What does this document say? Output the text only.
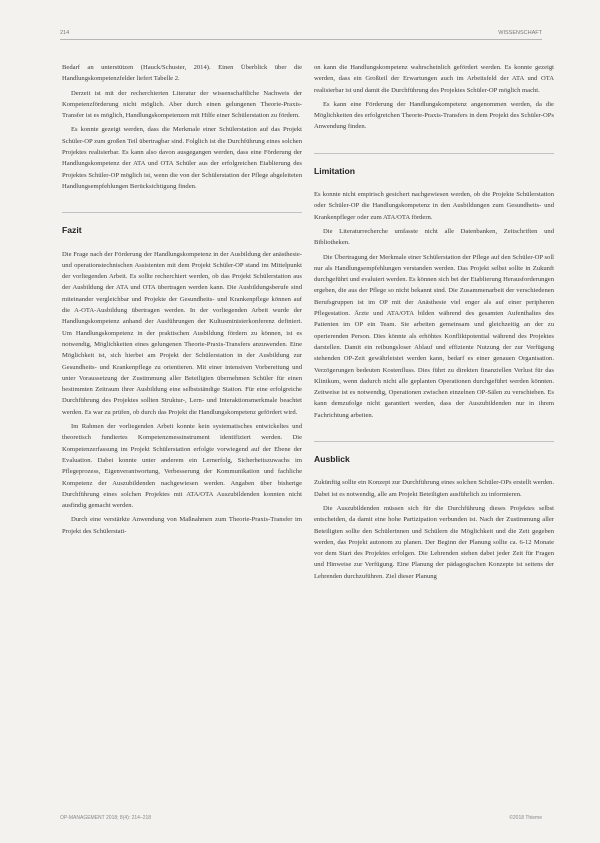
214	WISSENSCHAFT

Bedarf an unterstützen (Hauck/Schuster, 2014). Einen Überblick über die Handlungskompetenzfelder liefert Tabelle 2.

Derzeit ist mit der recherchierten Literatur der wissenschaftliche Nachweis der Kompetenzförderung nicht möglich. Aber durch einen gelungenen Theorie-Praxis-Transfer ist es möglich, Handlungskompetenzen mit Hilfe einer Schülerstation zu fördern.

Es konnte gezeigt werden, dass die Merkmale einer Schülerstation auf das Projekt Schüler-OP zum großen Teil übertragbar sind. Folglich ist die Durchführung eines solchen Projektes realisierbar. Es kann also davon ausgegangen werden, dass eine Förderung der Handlungskompetenz der ATA und OTA Schüler aus der erfolgreichen Etablierung des Projektes Schüler-OP möglich ist, wenn die von der Schülerstation der Pflege abgeleiteten Handlungsempfehlungen Berücksichtigung finden.

Fazit

Die Frage nach der Förderung der Handlungskompetenz in der Ausbildung der anästhesie- und operationstechnischen Assistenten mit dem Projekt Schüler-OP stand im Mittelpunkt der vorliegenden Arbeit. Es sollte recherchiert werden, ob das Projekt Schülerstation aus der Ausbildung der ATA und OTA übertragen werden kann. Die Ausbildungsberufe sind miteinander vergleichbar und Projekte der Gesundheits- und Krankenpflege können auf die A-OTA-Ausbildung übertragen werden. In der vorliegenden Arbeit wurde der Handlungskompetenz anhand der Ausführungen der Kultusministerkonferenz definiert. Um Handlungskompetenz in der praktischen Ausbildung fördern zu können, ist es notwendig, Möglichkeiten eines gelungenen Theorie-Praxis-Transfers anzuwenden. Eine Möglichkeit ist, sich hierbei am Projekt der Schülerstation in der Ausbildung zur Gesundheits- und Krankenpflege zu orientieren. Mit einer intensiven Vorbereitung und unter Voraussetzung der Zustimmung aller Beteiligten übernehmen Schüler für einen bestimmten Zeitraum ihrer Ausbildung eine selbstständige Station. Für eine erfolgreiche Durchführung des Projektes sollten Struktur-, Lern- und Interaktionsmerkmale beachtet werden. Es war zu prüfen, ob durch das Projekt die Handlungskompetenz gefördert wird.

Im Rahmen der vorliegenden Arbeit konnte kein systematisches entwickeltes und theoretisch fundiertes Kompetenzmessinstrument identifiziert werden. Die Kompetenzerfassung im Projekt Schülerstation erfolgte vorwiegend auf der Ebene der Evaluation. Dabei konnte unter anderem ein Lernerfolg, Sicherheitszuwachs im Pflegeprozess, Eigenverantwortung, Verbesserung der Kommunikation und fachliche Kompetenz der Auszubildenden nachgewiesen werden. Angaben über bisherige Durchführung eines solchen Projektes mit ATA/OTA Auszubildenden konnten nicht ausfindig gemacht werden.

Durch eine verstärkte Anwendung von Maßnahmen zum Theorie-Praxis-Transfer im Projekt des Schülerstati-

on kann die Handlungskompetenz wahrscheinlich gefördert werden. Es konnte gezeigt werden, dass ein Großteil der Erwartungen auch im Arbeitsfeld der ATA und OTA realisierbar ist und damit die Durchführung des Projektes Schüler-OP möglich macht.

Es kann eine Förderung der Handlungskompetenz angenommen werden, da die Möglichkeiten des erfolgreichen Theorie-Praxis-Transfers in dem Projekt des Schüler-OPs Anwendung finden.

Limitation

Es konnte nicht empirisch gesichert nachgewiesen werden, ob die Projekte Schülerstation oder Schüler-OP die Handlungskompetenz in den Ausbildungen zum Gesundheits- und Krankenpfleger oder zum ATA/OTA fördern.

Die Literaturrecherche umfasste nicht alle Datenbanken, Zeitschriften und Bibliotheken.

Die Übertragung der Merkmale einer Schülerstation der Pflege auf den Schüler-OP soll nur als Handlungsempfehlungen verstanden werden. Das Projekt selbst sollte in Zukunft durchgeführt und evaluiert werden. Es können sich bei der Etablierung Herausforderungen ergeben, die aus der Pflege so nicht bekannt sind. Die Zusammenarbeit der verschiedenen Berufsgruppen ist im OP mit der Anästhesie viel enger als auf einer peripheren Pflegestation. Ärzte und ATA/OTA bilden während des gesamten Aufenthaltes des Patienten im OP ein Team. Sie arbeiten gemeinsam und gleichzeitig an der zu operierenden Person. Dies könnte als erhöhtes Konfliktpotential während des Projektes darstellen. Damit ein reibungsloser Ablauf und effiziente Nutzung der zur Verfügung stehenden OP-Zeit gewährleistet werden kann, bedarf es einer genauen Organisation. Verzögerungen bedeuten Kostenfluss. Dies führt zu direkten finanziellen Verlust für das Klinikum, wenn dadurch nicht alle geplanten Operationen durchgeführt werden könnten. Zeitweise ist es notwendig, Operationen zwischen einzelnen OP-Sälen zu verschieben. Es kann demzufolge nicht garantiert werden, dass der Auszubildenden nur in ihrem Fachrichtung arbeiten.

Ausblick

Zukünftig sollte ein Konzept zur Durchführung eines solchen Schüler-OPs erstellt werden. Dabei ist es notwendig, alle am Projekt Beteiligten ausführlich zu informieren.

Die Auszubildenden müssen sich für die Durchführung dieses Projektes selbst entscheiden, da damit eine hohe Partizipation verbunden ist. Nach der Zustimmung aller Beteiligten sollte den Schülerinnen und Schülern die Möglichkeit und die Zeit gegeben werden, das Projekt autonom zu planen. Der Beginn der Planung sollte ca. 6-12 Monate vor dem Start des Projektes erfolgen. Die Lehrenden stehen dabei jeder Zeit für Fragen und Hinweise zur Verfügung. Eine Planung der pädagogischen Konzepte ist seitens der Lehrenden durchzuführen. Ziel dieser Planung

OP-MANAGEMENT 2018; 8(4): 214–218	©2018 Thieme
